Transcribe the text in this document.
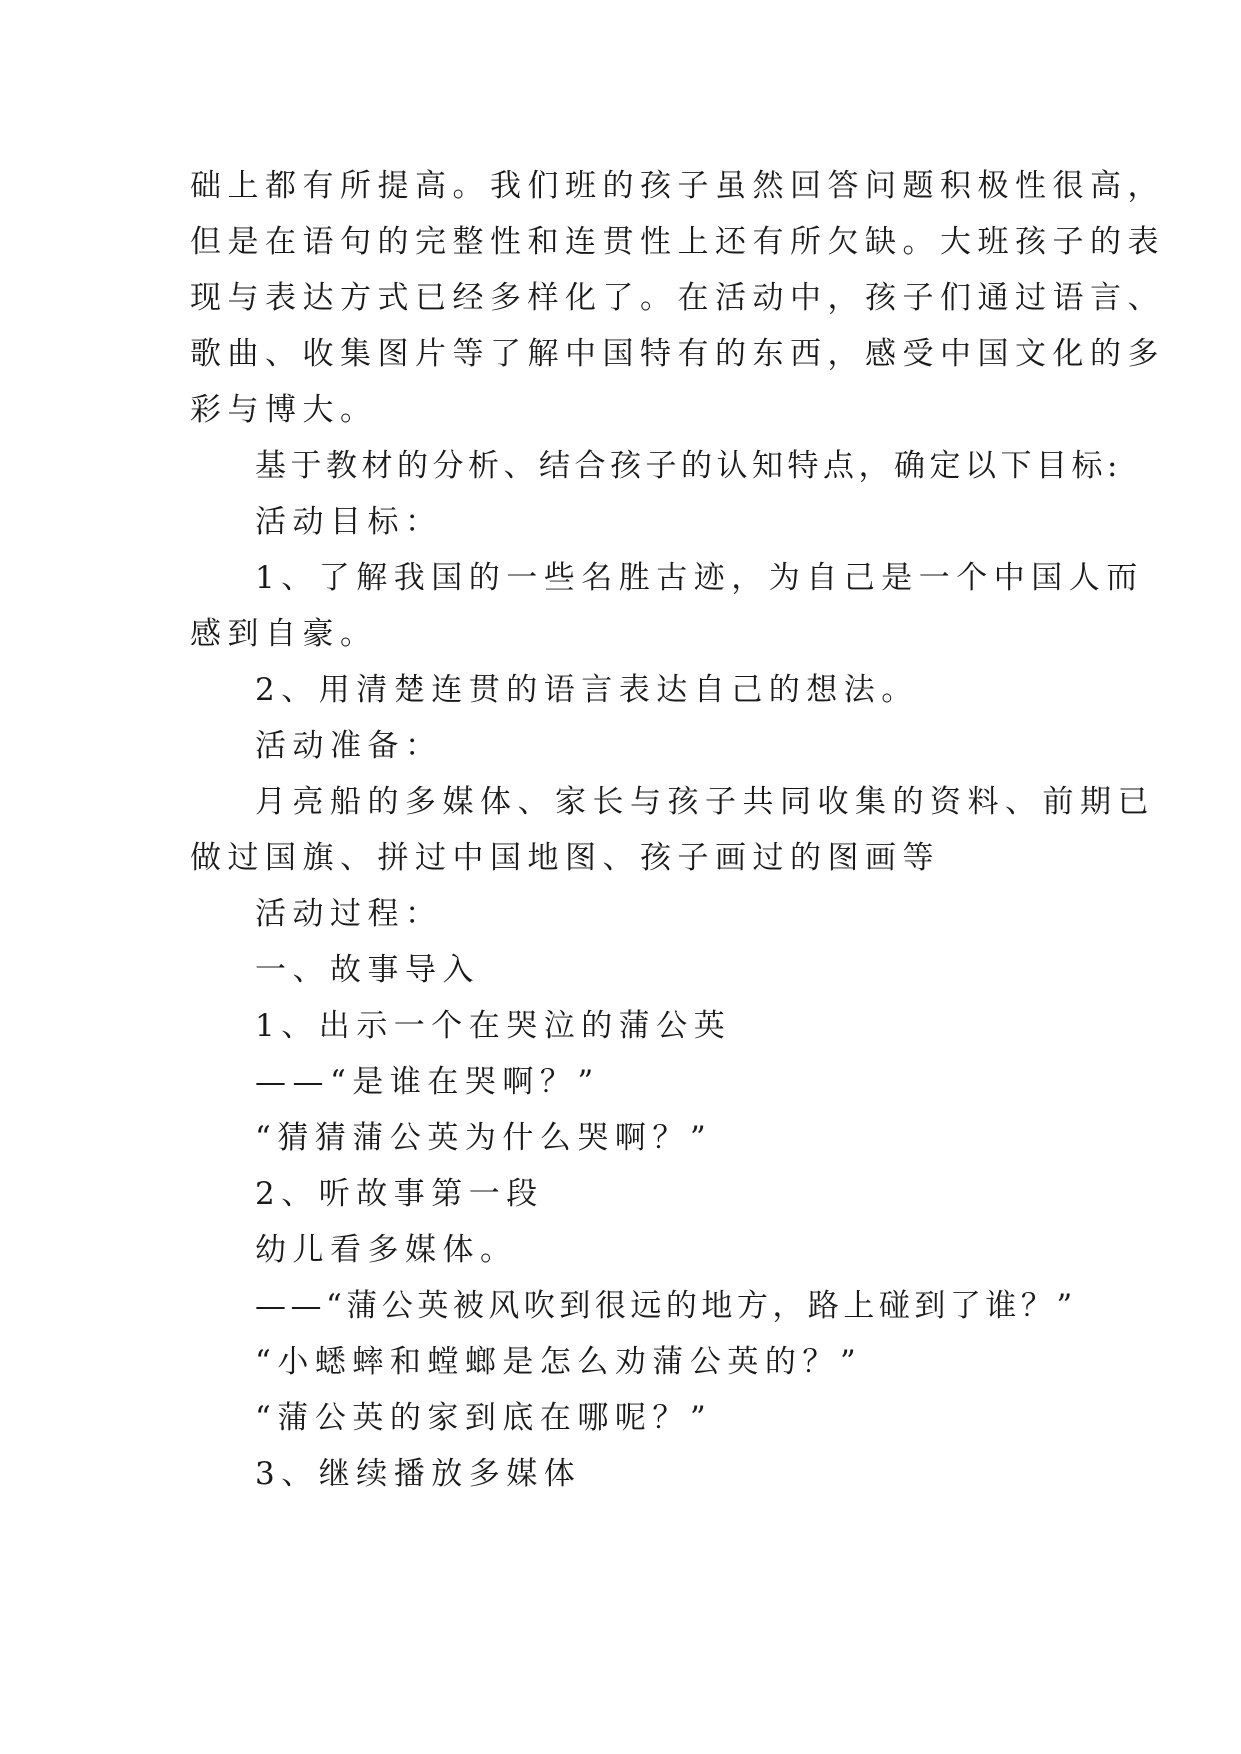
础上都有所提高。我们班的孩子虽然回答问题积极性很高，
但是在语句的完整性和连贯性上还有所欠缺。大班孩子的表
现与表达方式已经多样化了。在活动中，孩子们通过语言、
歌曲、收集图片等了解中国特有的东西，感受中国文化的多
彩与博大。
基于教材的分析、结合孩子的认知特点，确定以下目标:
活动目标：
1、了解我国的一些名胜古迹，为自己是一个中国人而
感到自豪。
2、用清楚连贯的语言表达自己的想法。
活动准备：
月亮船的多媒体、家长与孩子共同收集的资料、前期已
做过国旗、拼过中国地图、孩子画过的图画等
活动过程：
一、故事导入
1、出示一个在哭泣的蒲公英
——“是谁在哭啊？”
“猜猜蒲公英为什么哭啊？”
2、听故事第一段
幼儿看多媒体。
——“蒲公英被风吹到很远的地方，路上碰到了谁？”
“小蟋蟀和螳螂是怎么劝蒲公英的？”
“蒲公英的家到底在哪呢？”
3、继续播放多媒体
